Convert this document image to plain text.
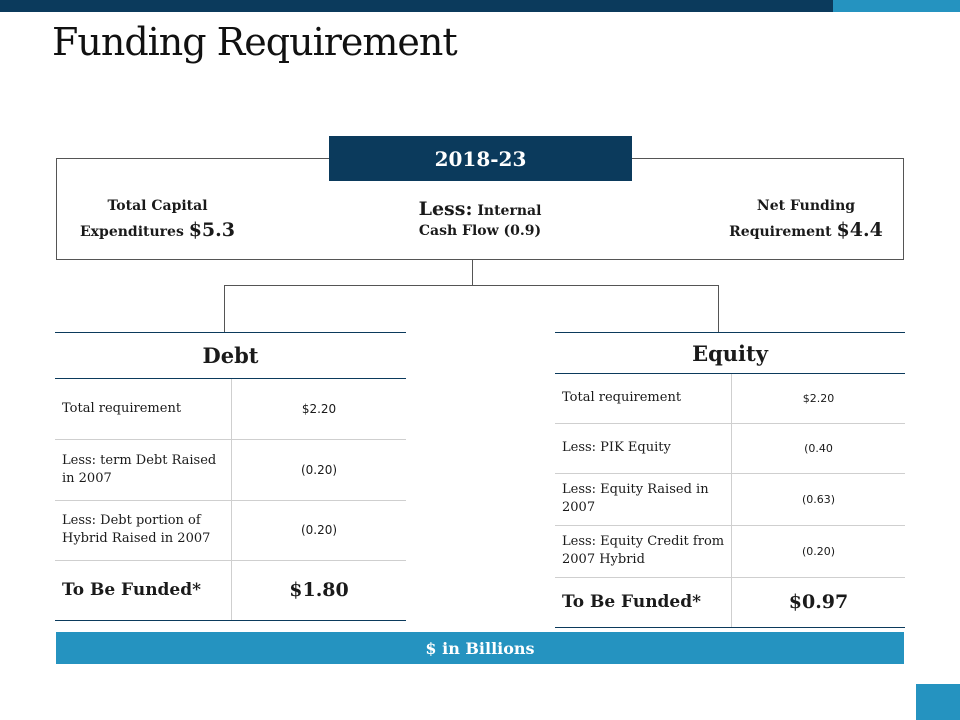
Funding Requirement
2018-23
Total Capital
Expenditures $5.3
Less: Internal
Cash Flow (0.9)
Net Funding
Requirement $4.4
Debt
Total requirement	$2.20
Less: term Debt Raised in 2007	(0.20)
Less: Debt portion of Hybrid Raised in 2007	(0.20)
To Be Funded*	$1.80
Equity
Total requirement	$2.20
Less: PIK Equity	(0.40
Less: Equity Raised in 2007	(0.63)
Less: Equity Credit from 2007 Hybrid	(0.20)
To Be Funded*	$0.97
$ in Billions
